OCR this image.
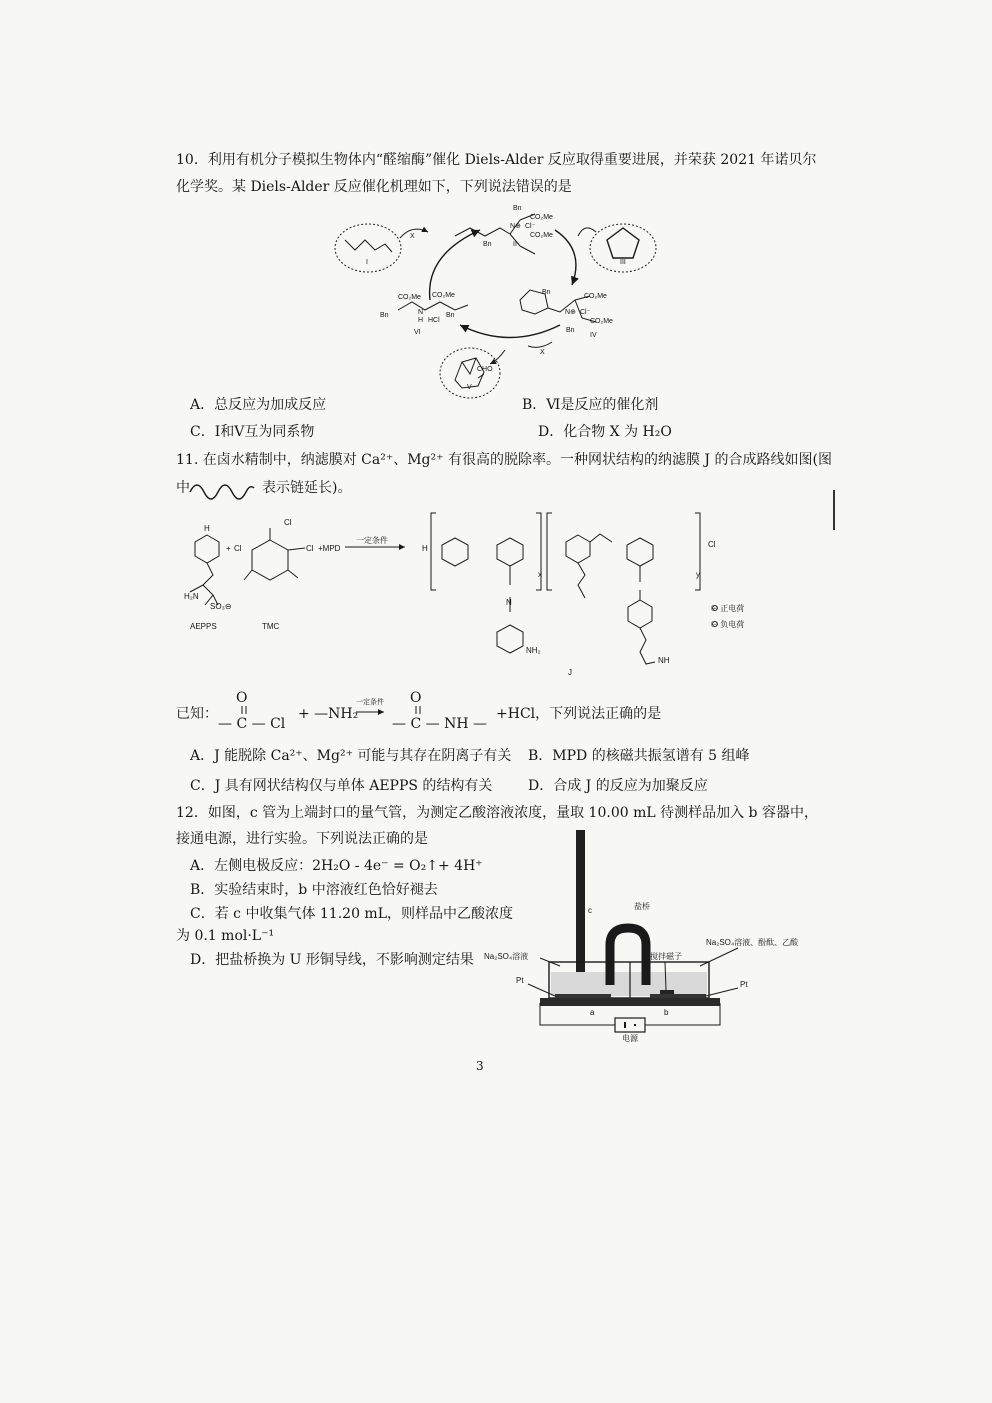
10．利用有机分子模拟生物体内“醛缩酶”催化 Diels-Alder 反应取得重要进展，并荣获 2021 年诺贝尔
化学奖。某 Diels-Alder 反应催化机理如下，下列说法错误的是
I	III
X
X
V
CHO
Bn
CO₂Me
N⊕ Cl⁻
CO₂Me
Bn	II
Bn
CO₂Me
N⊕ Cl⁻
CO₂Me
Bn
IV
CO₂Me CO₂Me
Bn	Bn
N
H HCl
VI
A．总反应为加成反应	B．Ⅵ是反应的催化剂
C．Ⅰ和Ⅴ互为同系物	D．化合物 X 为 H₂O
11. 在卤水精制中，纳滤膜对 Ca²⁺、Mg²⁺ 有很高的脱除率。一种网状结构的纳滤膜 J 的合成路线如图(图
中	表示链延长)。
H
H₂N
SO₃⊖
+ Cl
Cl
Cl +MPD
一定条件
AEPPS	TMC
H
x	y
Cl
N
NH₂
NH
J
⊕ 正电荷
⊖ 负电荷
已知：
O
— C — Cl
+ —NH₂
一定条件 O
— C — NH —
+HCl，下列说法正确的是
A．J 能脱除 Ca²⁺、Mg²⁺ 可能与其存在阴离子有关 B．MPD 的核磁共振氢谱有 5 组峰
C．J 具有网状结构仅与单体 AEPPS 的结构有关	D．合成 J 的反应为加聚反应
12．如图，c 管为上端封口的量气管，为测定乙酸溶液浓度，量取 10.00 mL 待测样品加入 b 容器中，
接通电源，进行实验。下列说法正确的是
A．左侧电极反应：2H₂O - 4e⁻ = O₂↑+ 4H⁺
B．实验结束时，b 中溶液红色恰好褪去
C．若 c 中收集气体 11.20 mL，则样品中乙酸浓度
为 0.1 mol·L⁻¹
D．把盐桥换为 U 形铜导线，不影响测定结果
c	盐桥
Na₂SO₄溶液
Na₂SO₄溶液、酚酞、乙酸
搅拌磁子
Pt	Pt
a	b
电源
3
